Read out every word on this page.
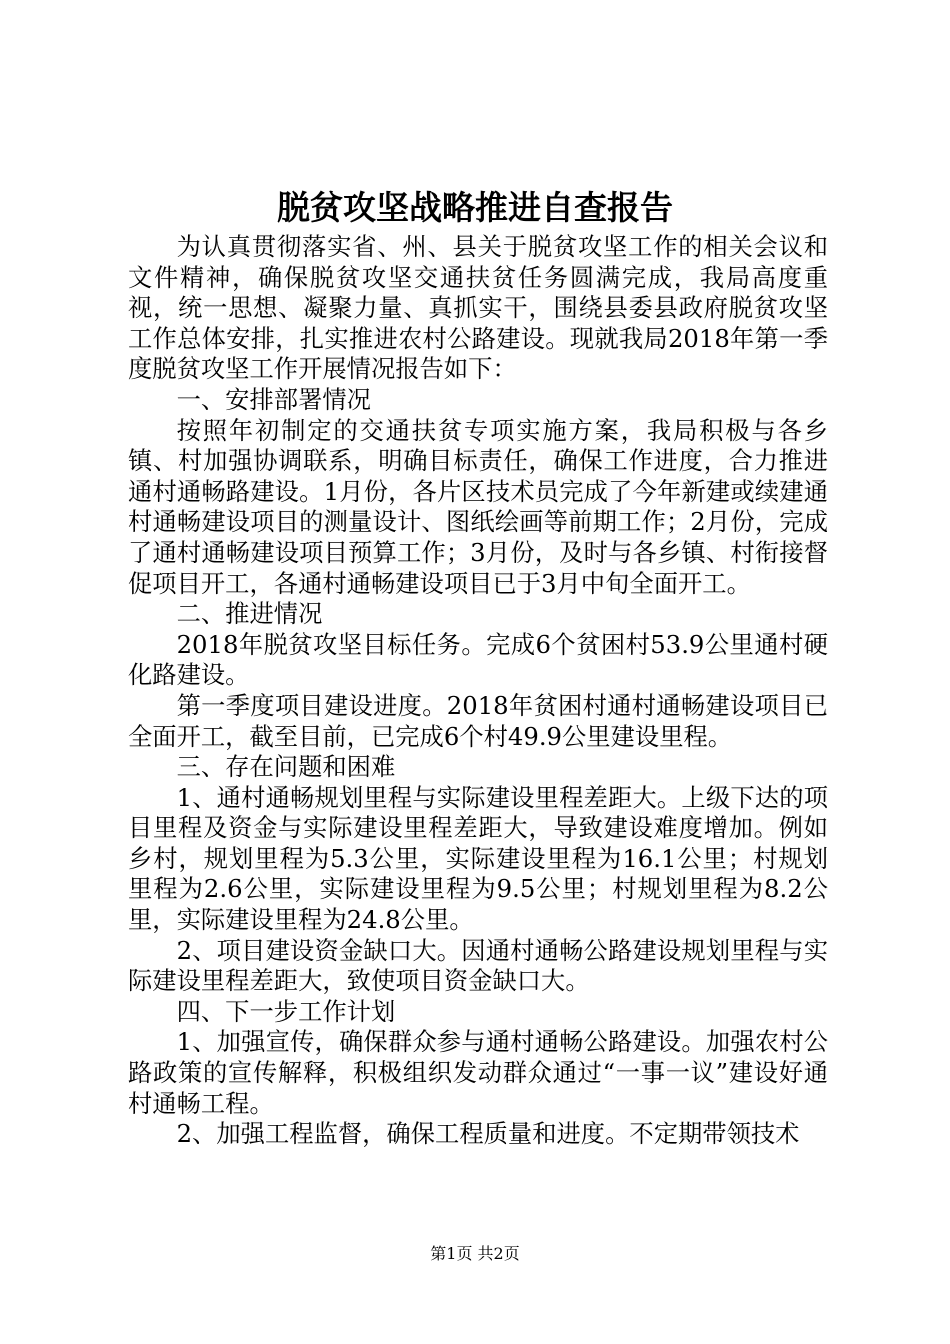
脱贫攻坚战略推进自查报告

为认真贯彻落实省、州、县关于脱贫攻坚工作的相关会议和文件精神，确保脱贫攻坚交通扶贫任务圆满完成，我局高度重视，统一思想、凝聚力量、真抓实干，围绕县委县政府脱贫攻坚工作总体安排，扎实推进农村公路建设。现就我局2018年第一季度脱贫攻坚工作开展情况报告如下：

一、安排部署情况

按照年初制定的交通扶贫专项实施方案，我局积极与各乡镇、村加强协调联系，明确目标责任，确保工作进度，合力推进通村通畅路建设。1月份，各片区技术员完成了今年新建或续建通村通畅建设项目的测量设计、图纸绘画等前期工作；2月份，完成了通村通畅建设项目预算工作；3月份，及时与各乡镇、村衔接督促项目开工，各通村通畅建设项目已于3月中旬全面开工。

二、推进情况

2018年脱贫攻坚目标任务。完成6个贫困村53.9公里通村硬化路建设。

第一季度项目建设进度。2018年贫困村通村通畅建设项目已全面开工，截至目前，已完成6个村49.9公里建设里程。

三、存在问题和困难

1、通村通畅规划里程与实际建设里程差距大。上级下达的项目里程及资金与实际建设里程差距大，导致建设难度增加。例如乡村，规划里程为5.3公里，实际建设里程为16.1公里；村规划里程为2.6公里，实际建设里程为9.5公里；村规划里程为8.2公里，实际建设里程为24.8公里。

2、项目建设资金缺口大。因通村通畅公路建设规划里程与实际建设里程差距大，致使项目资金缺口大。

四、下一步工作计划

1、加强宣传，确保群众参与通村通畅公路建设。加强农村公路政策的宣传解释，积极组织发动群众通过“一事一议”建设好通村通畅工程。

2、加强工程监督，确保工程质量和进度。不定期带领技术

第1页 共2页
